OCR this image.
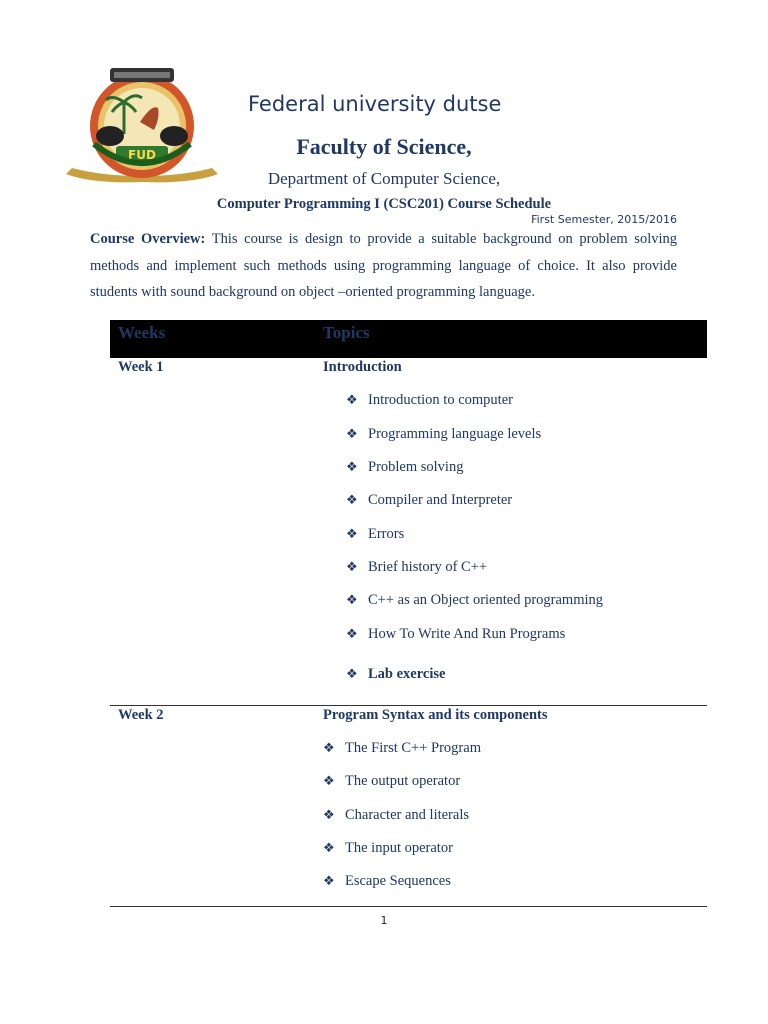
FUD
Federal university dutse
Faculty of Science,
Department of Computer Science,
Computer Programming I (CSC201) Course Schedule
First Semester, 2015/2016
Course Overview: This course is design to provide a suitable background on problem solving methods and implement such methods using programming language of choice. It also provide students with sound background on object –oriented programming language.
Weeks	Topics
Week 1	Introduction
❖ Introduction to computer
❖ Programming language levels
❖ Problem solving
❖ Compiler and Interpreter
❖ Errors
❖ Brief history of C++
❖ C++ as an Object oriented programming
❖ How To Write And Run Programs
❖ Lab exercise
Week 2	Program Syntax and its components
❖ The First C++ Program
❖ The output operator
❖ Character and literals
❖ The input operator
❖ Escape Sequences
1
